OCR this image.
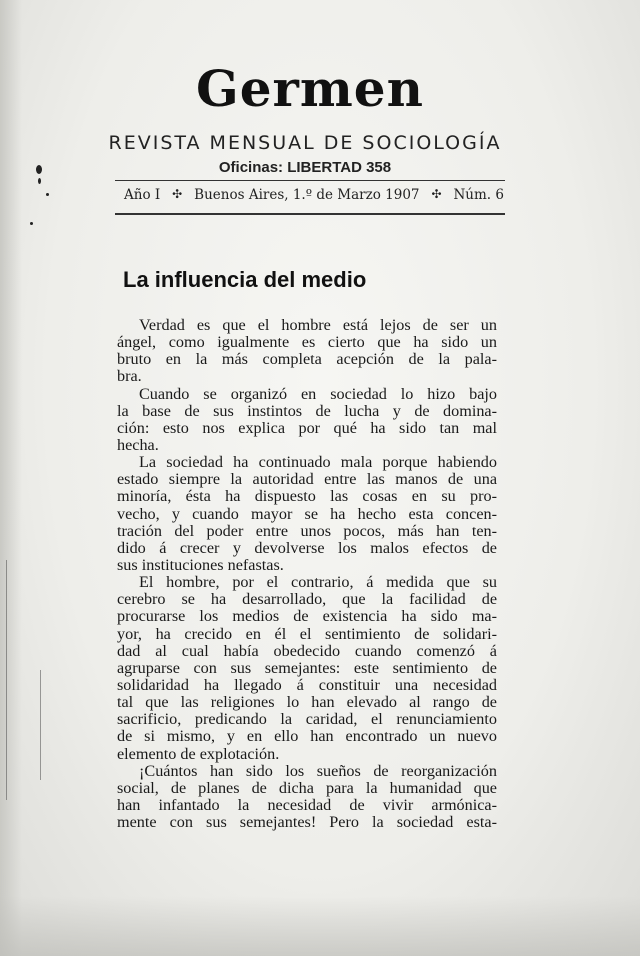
Germen
REVISTA MENSUAL DE SOCIOLOGÍA
Oficinas: LIBERTAD 358
Año I ✣ Buenos Aires, 1.º de Marzo 1907 ✣ Núm. 6
La influencia del medio
Verdad es que el hombre está lejos de ser un
ángel, como igualmente es cierto que ha sido un
bruto en la más completa acepción de la pala-
bra.
Cuando se organizó en sociedad lo hizo bajo
la base de sus instintos de lucha y de domina-
ción: esto nos explica por qué ha sido tan mal
hecha.
La sociedad ha continuado mala porque habiendo
estado siempre la autoridad entre las manos de una
minoría, ésta ha dispuesto las cosas en su pro-
vecho, y cuando mayor se ha hecho esta concen-
tración del poder entre unos pocos, más han ten-
dido á crecer y devolverse los malos efectos de
sus instituciones nefastas.
El hombre, por el contrario, á medida que su
cerebro se ha desarrollado, que la facilidad de
procurarse los medios de existencia ha sido ma-
yor, ha crecido en él el sentimiento de solidari-
dad al cual había obedecido cuando comenzó á
agruparse con sus semejantes: este sentimiento de
solidaridad ha llegado á constituir una necesidad
tal que las religiones lo han elevado al rango de
sacrificio, predicando la caridad, el renunciamiento
de si mismo, y en ello han encontrado un nuevo
elemento de explotación.
¡Cuántos han sido los sueños de reorganización
social, de planes de dicha para la humanidad que
han infantado la necesidad de vivir armónica-
mente con sus semejantes! Pero la sociedad esta-
